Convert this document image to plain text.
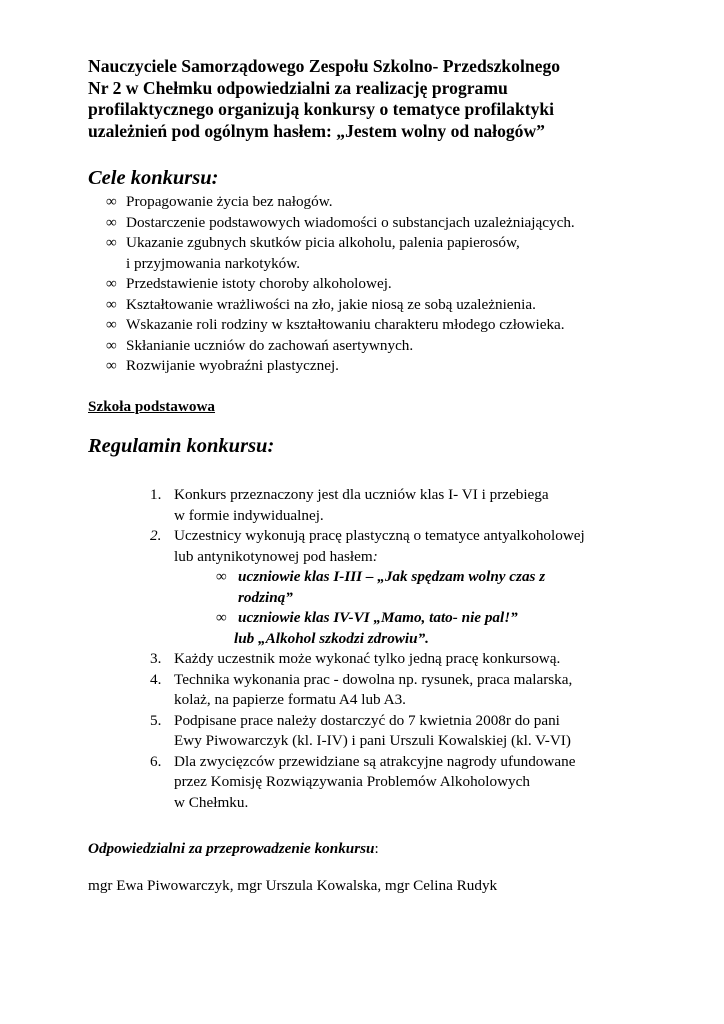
Nauczyciele Samorządowego Zespołu Szkolno- Przedszkolnego
Nr 2 w Chełmku odpowiedzialni za realizację programu
profilaktycznego organizują konkursy o tematyce profilaktyki
uzależnień pod ogólnym hasłem: „Jestem wolny od nałogów”
Cele konkursu:
∞ Propagowanie życia bez nałogów.
∞ Dostarczenie podstawowych wiadomości o substancjach uzależniających.
∞ Ukazanie zgubnych skutków picia alkoholu, palenia papierosów,
i przyjmowania narkotyków.
∞ Przedstawienie istoty choroby alkoholowej.
∞ Kształtowanie wrażliwości na zło, jakie niosą ze sobą uzależnienia.
∞ Wskazanie roli rodziny w kształtowaniu charakteru młodego człowieka.
∞ Skłanianie uczniów do zachowań asertywnych.
∞ Rozwijanie wyobraźni plastycznej.
Szkoła podstawowa
Regulamin konkursu:
1. Konkurs przeznaczony jest dla uczniów klas I- VI i przebiega
w formie indywidualnej.
2. Uczestnicy wykonują pracę plastyczną o tematyce antyalkoholowej
lub antynikotynowej pod hasłem:
∞ uczniowie klas I-III – „Jak spędzam wolny czas z
rodziną”
∞ uczniowie klas IV-VI „Mamo, tato- nie pal!”
lub „Alkohol szkodzi zdrowiu”.
3. Każdy uczestnik może wykonać tylko jedną pracę konkursową.
4. Technika wykonania prac - dowolna np. rysunek, praca malarska,
kolaż, na papierze formatu A4 lub A3.
5. Podpisane prace należy dostarczyć do 7 kwietnia 2008r do pani
Ewy Piwowarczyk (kl. I-IV) i pani Urszuli Kowalskiej (kl. V-VI)
6. Dla zwycięzców przewidziane są atrakcyjne nagrody ufundowane
przez Komisję Rozwiązywania Problemów Alkoholowych
w Chełmku.
Odpowiedzialni za przeprowadzenie konkursu:
mgr Ewa Piwowarczyk, mgr Urszula Kowalska, mgr Celina Rudyk
